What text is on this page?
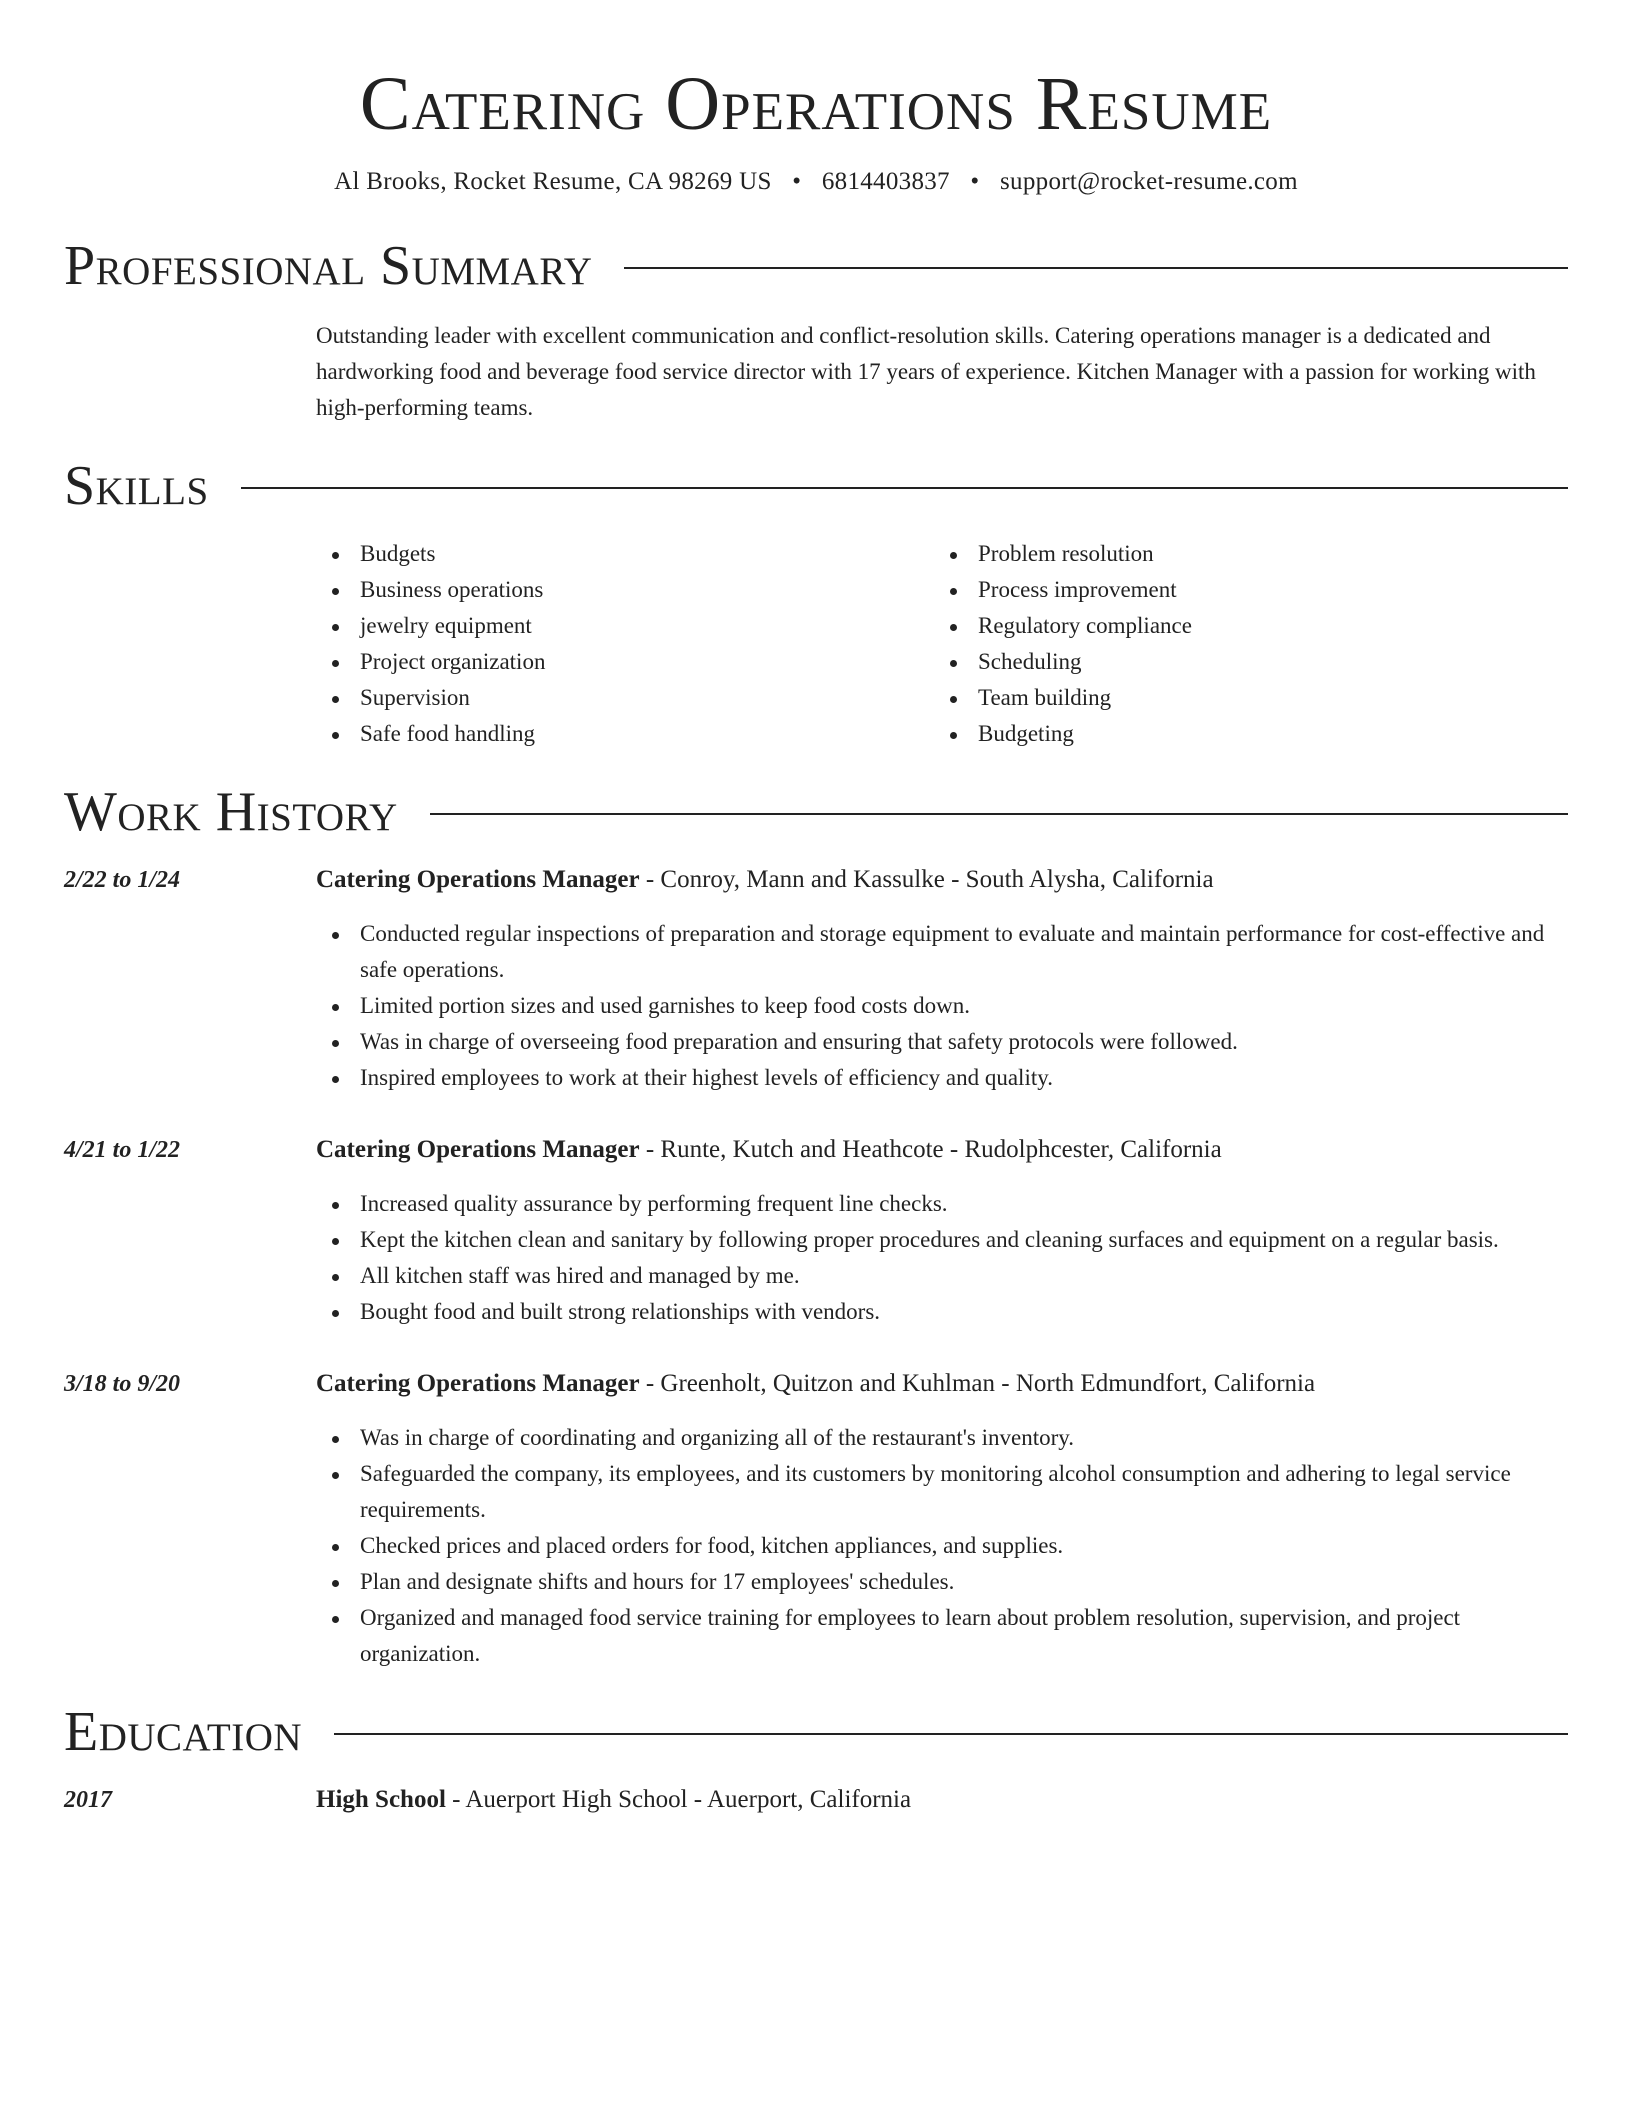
Catering Operations Resume
Al Brooks, Rocket Resume, CA 98269 US • 6814403837 • support@rocket-resume.com
Professional Summary

Outstanding leader with excellent communication and conflict-resolution skills. Catering operations manager is a dedicated and hardworking food and beverage food service director with 17 years of experience. Kitchen Manager with a passion for working with high-performing teams.

Skills
Budgets
Business operations
jewelry equipment
Project organization
Supervision
Safe food handling
Problem resolution
Process improvement
Regulatory compliance
Scheduling
Team building
Budgeting
Work History
2/22 to 1/24	Catering Operations Manager - Conroy, Mann and Kassulke - South Alysha, California
Conducted regular inspections of preparation and storage equipment to evaluate and maintain performance for cost-effective and safe operations.
Limited portion sizes and used garnishes to keep food costs down.
Was in charge of overseeing food preparation and ensuring that safety protocols were followed.
Inspired employees to work at their highest levels of efficiency and quality.
4/21 to 1/22	Catering Operations Manager - Runte, Kutch and Heathcote - Rudolphcester, California
Increased quality assurance by performing frequent line checks.
Kept the kitchen clean and sanitary by following proper procedures and cleaning surfaces and equipment on a regular basis.
All kitchen staff was hired and managed by me.
Bought food and built strong relationships with vendors.
3/18 to 9/20	Catering Operations Manager - Greenholt, Quitzon and Kuhlman - North Edmundfort, California
Was in charge of coordinating and organizing all of the restaurant's inventory.
Safeguarded the company, its employees, and its customers by monitoring alcohol consumption and adhering to legal service requirements.
Checked prices and placed orders for food, kitchen appliances, and supplies.
Plan and designate shifts and hours for 17 employees' schedules.
Organized and managed food service training for employees to learn about problem resolution, supervision, and project organization.
Education
2017	High School - Auerport High School - Auerport, California
